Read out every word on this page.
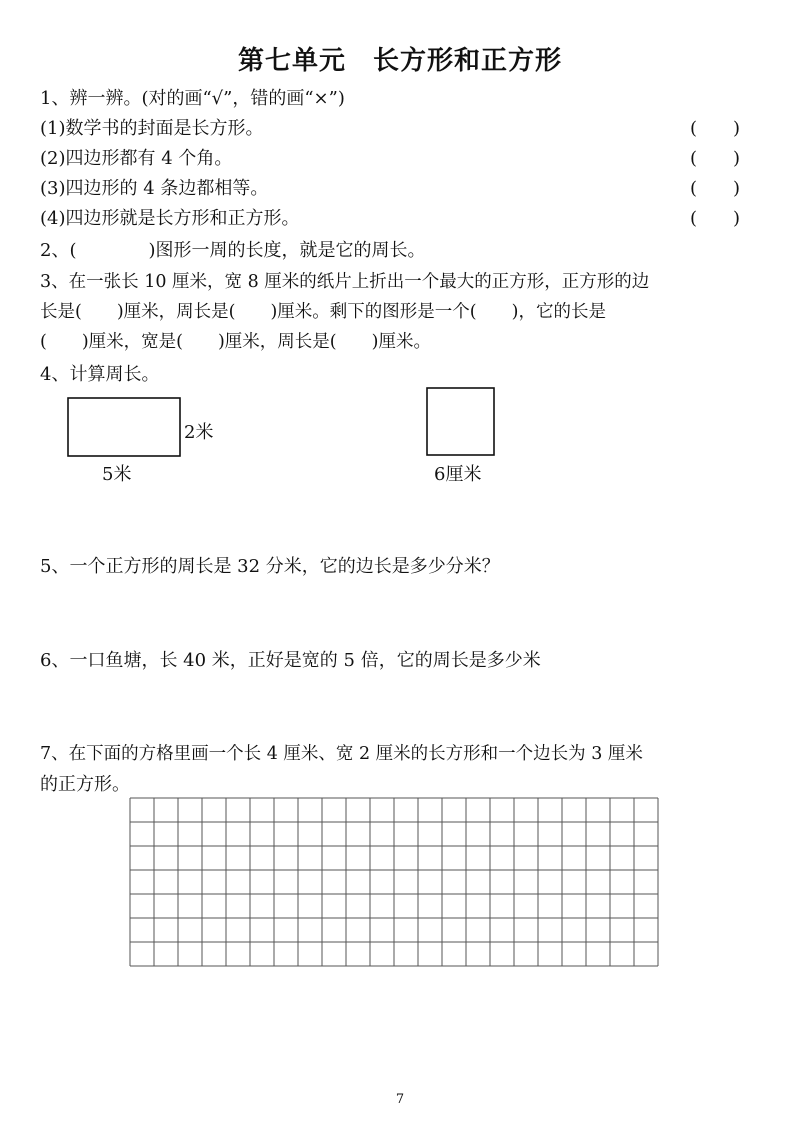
第七单元　长方形和正方形
1、辨一辨。(对的画“√”，错的画“×”)
(1)数学书的封面是长方形。	(　　)
(2)四边形都有 4 个角。	(　　)
(3)四边形的 4 条边都相等。	(　　)
(4)四边形就是长方形和正方形。	(　　)
2、(　　　　)图形一周的长度，就是它的周长。
3、在一张长 10 厘米，宽 8 厘米的纸片上折出一个最大的正方形，正方形的边
长是(　　)厘米，周长是(　　)厘米。剩下的图形是一个(　　)，它的长是
(　　)厘米，宽是(　　)厘米，周长是(　　)厘米。
4、计算周长。
2米
5米	6厘米
5、一个正方形的周长是 32 分米，它的边长是多少分米？
6、一口鱼塘，长 40 米，正好是宽的 5 倍，它的周长是多少米
7、在下面的方格里画一个长 4 厘米、宽 2 厘米的长方形和一个边长为 3 厘米
的正方形。
7
